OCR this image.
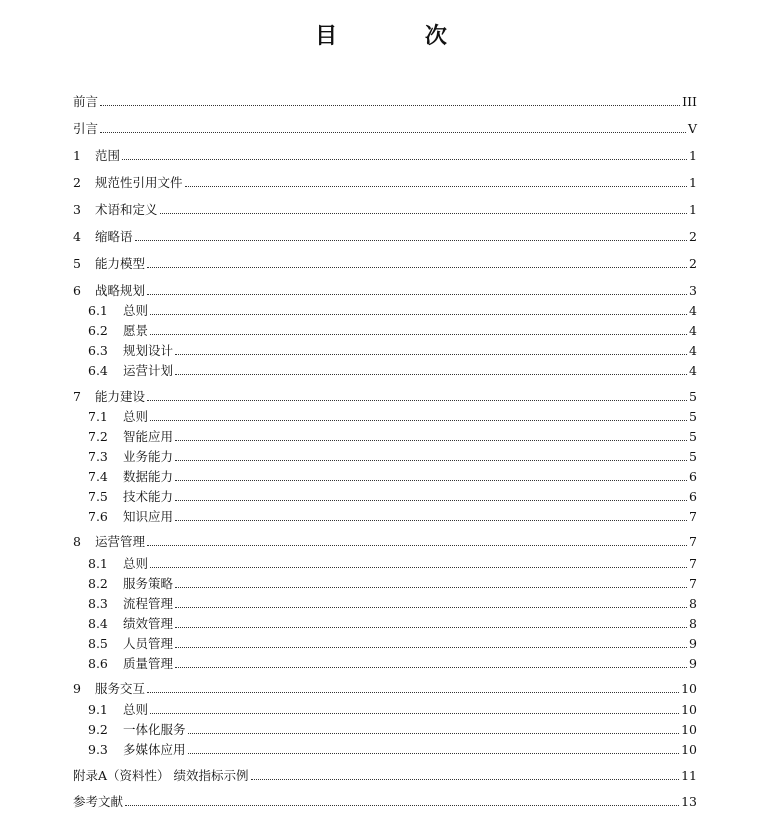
目 次
前言	III
引言	V
1	范围	1
2	规范性引用文件	1
3	术语和定义	1
4	缩略语	2
5	能力模型	2
6	战略规划	3
6.1	总则	4
6.2	愿景	4
6.3	规划设计	4
6.4	运营计划	4
7	能力建设	5
7.1	总则	5
7.2	智能应用	5
7.3	业务能力	5
7.4	数据能力	6
7.5	技术能力	6
7.6	知识应用	7
8	运营管理	7
8.1	总则	7
8.2	服务策略	7
8.3	流程管理	8
8.4	绩效管理	8
8.5	人员管理	9
8.6	质量管理	9
9	服务交互	10
9.1	总则	10
9.2	一体化服务	10
9.3	多媒体应用	10
附录A（资料性） 绩效指标示例	11
参考文献	13
